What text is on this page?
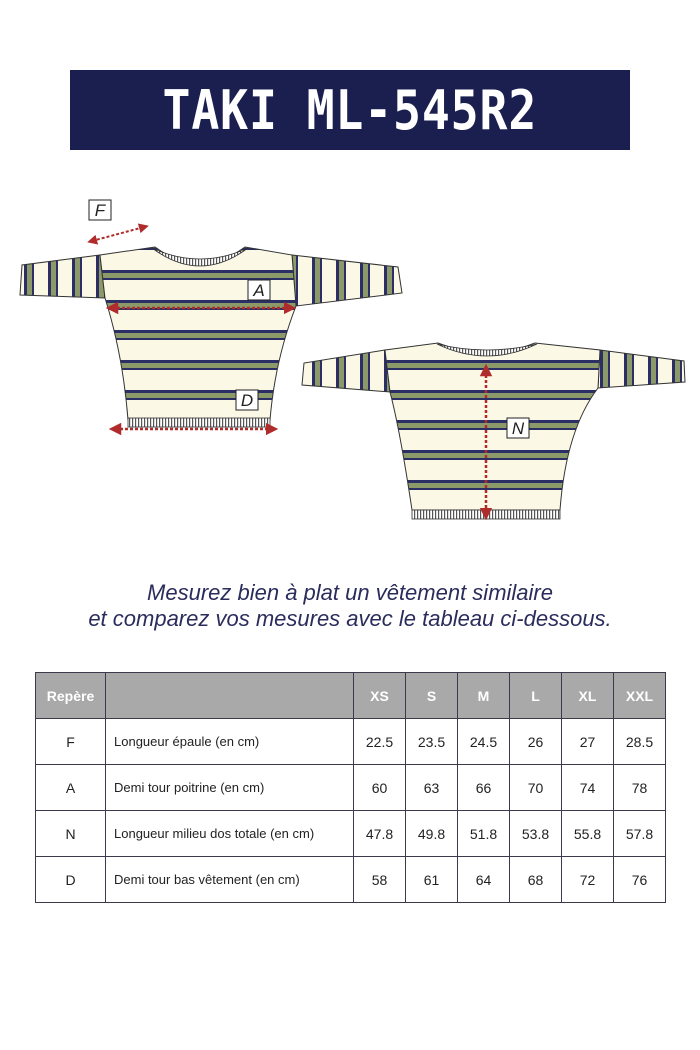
TAKI ML-545R2
F
A
D
N
Mesurez bien à plat un vêtement similaire
et comparez vos mesures avec le tableau ci-dessous.
Repère		XS	S	M	L	XL	XXL
F	Longueur épaule (en cm)	22.5	23.5	24.5	26	27	28.5
A	Demi tour poitrine (en cm)	60	63	66	70	74	78
N	Longueur milieu dos totale (en cm)	47.8	49.8	51.8	53.8	55.8	57.8
D	Demi tour bas vêtement (en cm)	58	61	64	68	72	76
